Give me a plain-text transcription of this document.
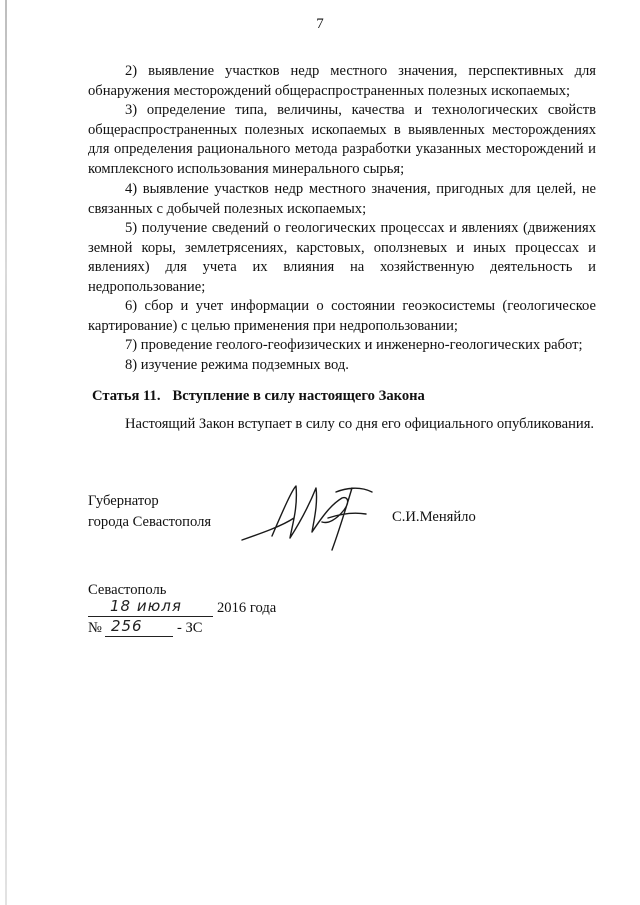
7

2) выявление участков недр местного значения, перспективных для обнаружения месторождений общераспространенных полезных ископаемых;

3) определение типа, величины, качества и технологических свойств общераспространенных полезных ископаемых в выявленных месторождениях для определения рационального метода разработки указанных месторождений и комплексного использования минерального сырья;

4) выявление участков недр местного значения, пригодных для целей, не связанных с добычей полезных ископаемых;

5) получение сведений о геологических процессах и явлениях (движениях земной коры, землетрясениях, карстовых, оползневых и иных процессах и явлениях) для учета их влияния на хозяйственную деятельность и недропользование;

6) сбор и учет информации о состоянии геоэкосистемы (геологическое картирование) с целью применения при недропользовании;

7) проведение геолого-геофизических и инженерно-геологических работ;

8) изучение режима подземных вод.

Статья 11. Вступление в силу настоящего Закона

Настоящий Закон вступает в силу со дня его официального опубликования.

Губернатор
города Севастополя	С.И.Меняйло
Севастополь
18 июля 2016 года
№ 256 - ЗС
